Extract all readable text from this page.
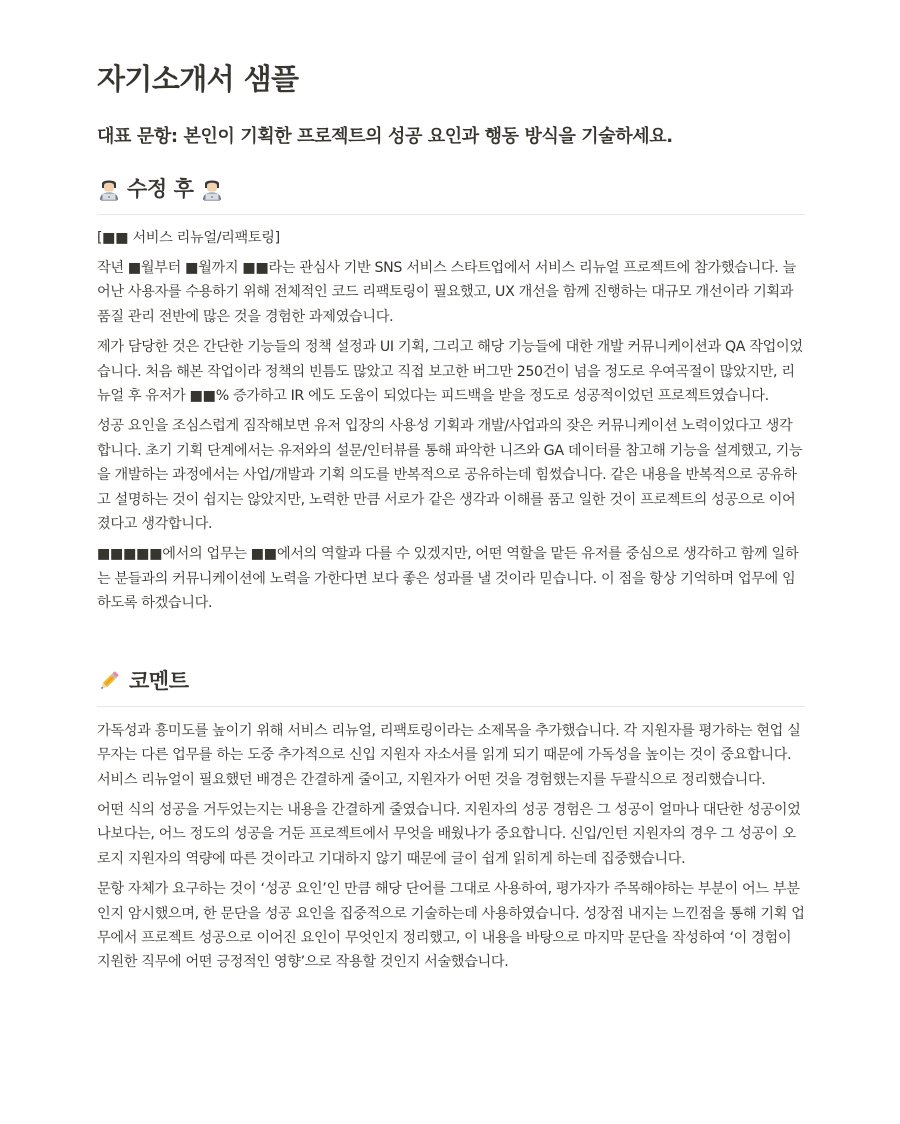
자기소개서 샘플
대표 문항: 본인이 기획한 프로젝트의 성공 요인과 행동 방식을 기술하세요.
수정 후
[■■ 서비스 리뉴얼/리팩토링]

작년 ■월부터 ■월까지 ■■라는 관심사 기반 SNS 서비스 스타트업에서 서비스 리뉴얼 프로젝트에 참가했습니다. 늘어난 사용자를 수용하기 위해 전체적인 코드 리팩토링이 필요했고, UX 개선을 함께 진행하는 대규모 개선이라 기획과 품질 관리 전반에 많은 것을 경험한 과제였습니다.

제가 담당한 것은 간단한 기능들의 정책 설정과 UI 기획, 그리고 해당 기능들에 대한 개발 커뮤니케이션과 QA 작업이었습니다. 처음 해본 작업이라 정책의 빈틈도 많았고 직접 보고한 버그만 250건이 넘을 정도로 우여곡절이 많았지만, 리뉴얼 후 유저가 ■■% 증가하고 IR 에도 도움이 되었다는 피드백을 받을 정도로 성공적이었던 프로젝트였습니다.

성공 요인을 조심스럽게 짐작해보면 유저 입장의 사용성 기획과 개발/사업과의 잦은 커뮤니케이션 노력이었다고 생각합니다. 초기 기획 단계에서는 유저와의 설문/인터뷰를 통해 파악한 니즈와 GA 데이터를 참고해 기능을 설계했고, 기능을 개발하는 과정에서는 사업/개발과 기획 의도를 반복적으로 공유하는데 힘썼습니다. 같은 내용을 반복적으로 공유하고 설명하는 것이 쉽지는 않았지만, 노력한 만큼 서로가 같은 생각과 이해를 품고 일한 것이 프로젝트의 성공으로 이어졌다고 생각합니다.

■■■■■에서의 업무는 ■■에서의 역할과 다를 수 있겠지만, 어떤 역할을 맡든 유저를 중심으로 생각하고 함께 일하는 분들과의 커뮤니케이션에 노력을 가한다면 보다 좋은 성과를 낼 것이라 믿습니다. 이 점을 항상 기억하며 업무에 임하도록 하겠습니다.

코멘트

가독성과 흥미도를 높이기 위해 서비스 리뉴얼, 리팩토링이라는 소제목을 추가했습니다. 각 지원자를 평가하는 현업 실무자는 다른 업무를 하는 도중 추가적으로 신입 지원자 자소서를 읽게 되기 때문에 가독성을 높이는 것이 중요합니다. 서비스 리뉴얼이 필요했던 배경은 간결하게 줄이고, 지원자가 어떤 것을 경험했는지를 두괄식으로 정리했습니다.

어떤 식의 성공을 거두었는지는 내용을 간결하게 줄였습니다. 지원자의 성공 경험은 그 성공이 얼마나 대단한 성공이었나보다는, 어느 정도의 성공을 거둔 프로젝트에서 무엇을 배웠나가 중요합니다. 신입/인턴 지원자의 경우 그 성공이 오로지 지원자의 역량에 따른 것이라고 기대하지 않기 때문에 글이 쉽게 읽히게 하는데 집중했습니다.

문항 자체가 요구하는 것이 ‘성공 요인’인 만큼 해당 단어를 그대로 사용하여, 평가자가 주목해야하는 부분이 어느 부분인지 암시했으며, 한 문단을 성공 요인을 집중적으로 기술하는데 사용하였습니다. 성장점 내지는 느낀점을 통해 기획 업무에서 프로젝트 성공으로 이어진 요인이 무엇인지 정리했고, 이 내용을 바탕으로 마지막 문단을 작성하여 ‘이 경험이 지원한 직무에 어떤 긍정적인 영향’으로 작용할 것인지 서술했습니다.
